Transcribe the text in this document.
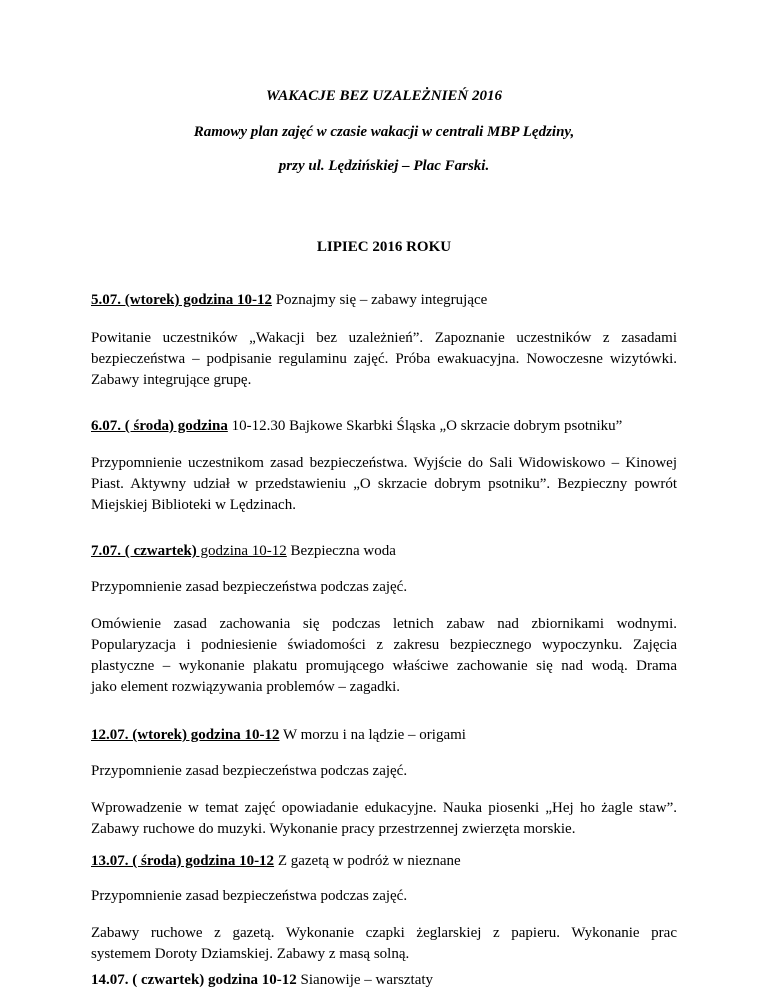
WAKACJE BEZ UZALEŻNIEŃ 2016
Ramowy plan zajęć w czasie wakacji w centrali MBP Lędziny,
przy ul. Lędzińskiej – Plac Farski.
LIPIEC 2016 ROKU
5.07. (wtorek) godzina 10-12 Poznajmy się – zabawy integrujące
Powitanie uczestników „Wakacji bez uzależnień”. Zapoznanie uczestników z zasadami
bezpieczeństwa – podpisanie regulaminu zajęć. Próba ewakuacyjna. Nowoczesne wizytówki.
Zabawy integrujące grupę.
6.07. ( środa) godzina 10-12.30 Bajkowe Skarbki Śląska „O skrzacie dobrym psotniku”
Przypomnienie uczestnikom zasad bezpieczeństwa. Wyjście do Sali Widowiskowo – Kinowej
Piast. Aktywny udział w przedstawieniu „O skrzacie dobrym psotniku”. Bezpieczny powrót
Miejskiej Biblioteki w Lędzinach.
7.07. ( czwartek) godzina 10-12 Bezpieczna woda
Przypomnienie zasad bezpieczeństwa podczas zajęć.
Omówienie zasad zachowania się podczas letnich zabaw nad zbiornikami wodnymi.
Popularyzacja i podniesienie świadomości z zakresu bezpiecznego wypoczynku. Zajęcia
plastyczne – wykonanie plakatu promującego właściwe zachowanie się nad wodą. Drama
jako element rozwiązywania problemów – zagadki.
12.07. (wtorek) godzina 10-12 W morzu i na lądzie – origami
Przypomnienie zasad bezpieczeństwa podczas zajęć.
Wprowadzenie w temat zajęć opowiadanie edukacyjne. Nauka piosenki „Hej ho żagle staw”.
Zabawy ruchowe do muzyki. Wykonanie pracy przestrzennej zwierzęta morskie.
13.07. ( środa) godzina 10-12 Z gazetą w podróż w nieznane
Przypomnienie zasad bezpieczeństwa podczas zajęć.
Zabawy ruchowe z gazetą. Wykonanie czapki żeglarskiej z papieru. Wykonanie prac
systemem Doroty Dziamskiej. Zabawy z masą solną.
14.07. ( czwartek) godzina 10-12 Sianowije – warsztaty
